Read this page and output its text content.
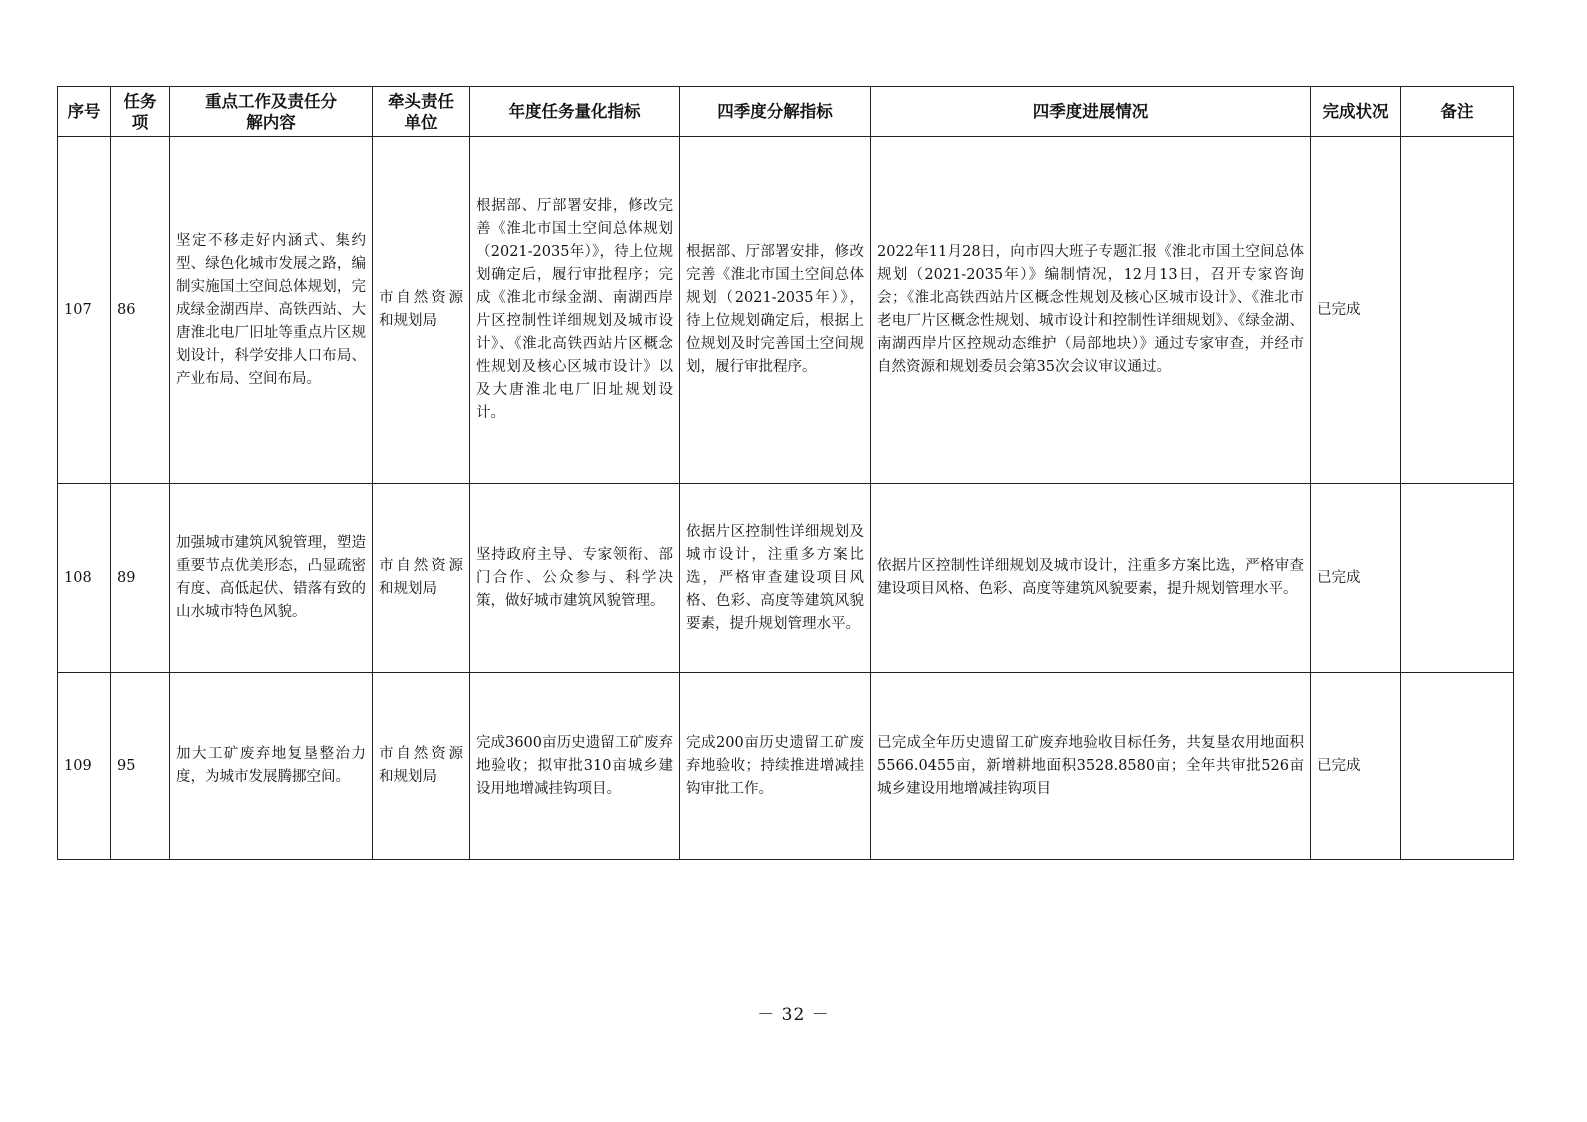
序号	任务项	重点工作及责任分解内容	牵头责任单位	年度任务量化指标	四季度分解指标	四季度进展情况	完成状况	备注
107	86	坚定不移走好内涵式、集约型、绿色化城市发展之路，编制实施国土空间总体规划，完成绿金湖西岸、高铁西站、大唐淮北电厂旧址等重点片区规划设计，科学安排人口布局、产业布局、空间布局。	市自然资源和规划局	根据部、厅部署安排，修改完善《淮北市国土空间总体规划（2021-2035年）》，待上位规划确定后，履行审批程序；完成《淮北市绿金湖、南湖西岸片区控制性详细规划及城市设计》、《淮北高铁西站片区概念性规划及核心区城市设计》以及大唐淮北电厂旧址规划设计。	根据部、厅部署安排，修改完善《淮北市国土空间总体规划（2021-2035年）》，待上位规划确定后，根据上位规划及时完善国土空间规划，履行审批程序。	2022年11月28日，向市四大班子专题汇报《淮北市国土空间总体规划（2021-2035年）》编制情况，12月13日，召开专家咨询会；《淮北高铁西站片区概念性规划及核心区城市设计》、《淮北市老电厂片区概念性规划、城市设计和控制性详细规划》、《绿金湖、南湖西岸片区控规动态维护（局部地块）》通过专家审查，并经市自然资源和规划委员会第35次会议审议通过。	已完成	
108	89	加强城市建筑风貌管理，塑造重要节点优美形态，凸显疏密有度、高低起伏、错落有致的山水城市特色风貌。	市自然资源和规划局	坚持政府主导、专家领衔、部门合作、公众参与、科学决策，做好城市建筑风貌管理。	依据片区控制性详细规划及城市设计，注重多方案比选，严格审查建设项目风格、色彩、高度等建筑风貌要素，提升规划管理水平。	依据片区控制性详细规划及城市设计，注重多方案比选，严格审查建设项目风格、色彩、高度等建筑风貌要素，提升规划管理水平。	已完成	
109	95	加大工矿废弃地复垦整治力度，为城市发展腾挪空间。	市自然资源和规划局	完成3600亩历史遗留工矿废弃地验收；拟审批310亩城乡建设用地增减挂钩项目。	完成200亩历史遗留工矿废弃地验收；持续推进增减挂钩审批工作。	已完成全年历史遗留工矿废弃地验收目标任务，共复垦农用地面积5566.0455亩，新增耕地面积3528.8580亩；全年共审批526亩城乡建设用地增减挂钩项目	已完成	
－ 32 －
